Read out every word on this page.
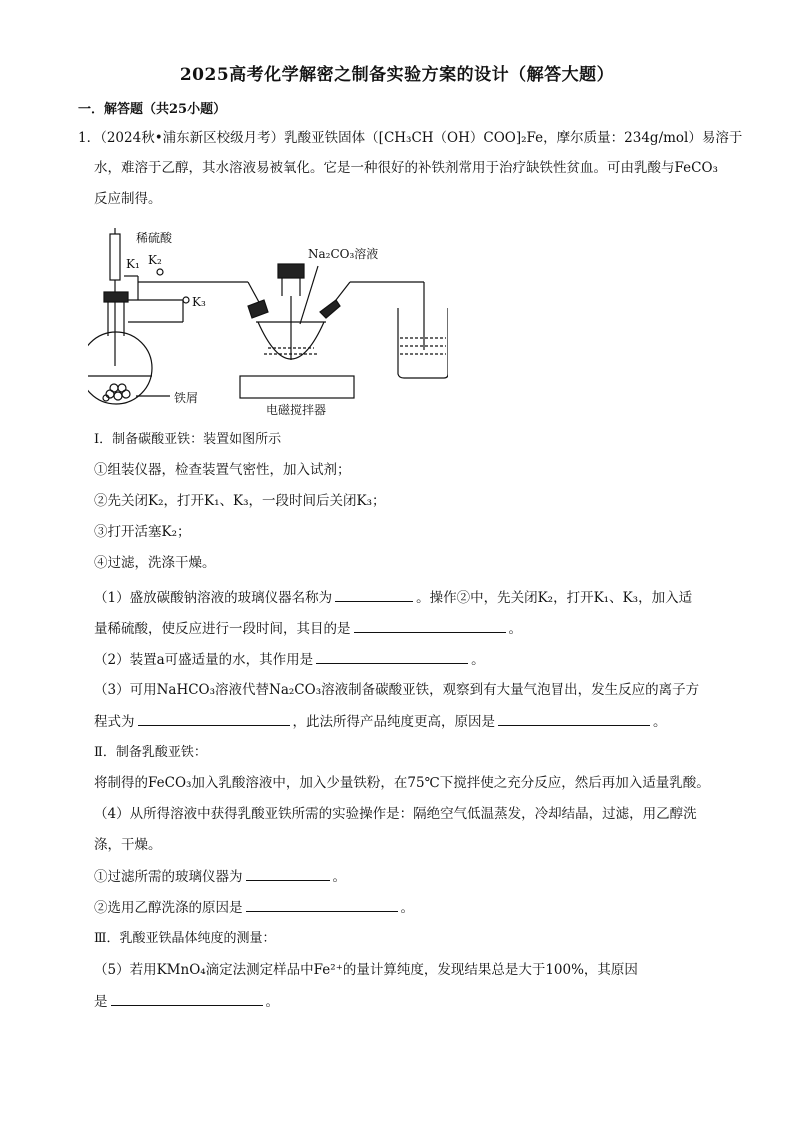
2025高考化学解密之制备实验方案的设计（解答大题）
一．解答题（共25小题）
1．（2024秋•浦东新区校级月考）乳酸亚铁固体（[CH₃CH（OH）COO]₂Fe，摩尔质量：234g/mol）易溶于
水，难溶于乙醇，其水溶液易被氧化。它是一种很好的补铁剂常用于治疗缺铁性贫血。可由乳酸与FeCO₃
反应制得。
稀硫酸
K₁ K₂
K₃
Na₂CO₃溶液
铁屑
电磁搅拌器
Ⅰ．制备碳酸亚铁：装置如图所示
①组装仪器，检查装置气密性，加入试剂；
②先关闭K₂，打开K₁、K₃，一段时间后关闭K₃；
③打开活塞K₂；
④过滤，洗涤干燥。
（1）盛放碳酸钠溶液的玻璃仪器名称为	。操作②中，先关闭K₂，打开K₁、K₃，加入适
量稀硫酸，使反应进行一段时间，其目的是	。
（2）装置a可盛适量的水，其作用是	。
（3）可用NaHCO₃溶液代替Na₂CO₃溶液制备碳酸亚铁，观察到有大量气泡冒出，发生反应的离子方
程式为	，此法所得产品纯度更高，原因是	。
Ⅱ．制备乳酸亚铁：
将制得的FeCO₃加入乳酸溶液中，加入少量铁粉，在75℃下搅拌使之充分反应，然后再加入适量乳酸。
（4）从所得溶液中获得乳酸亚铁所需的实验操作是：隔绝空气低温蒸发，冷却结晶，过滤，用乙醇洗
涤，干燥。
①过滤所需的玻璃仪器为	。
②选用乙醇洗涤的原因是	。
Ⅲ．乳酸亚铁晶体纯度的测量：
（5）若用KMnO₄滴定法测定样品中Fe²⁺的量计算纯度，发现结果总是大于100%，其原因
是	。
